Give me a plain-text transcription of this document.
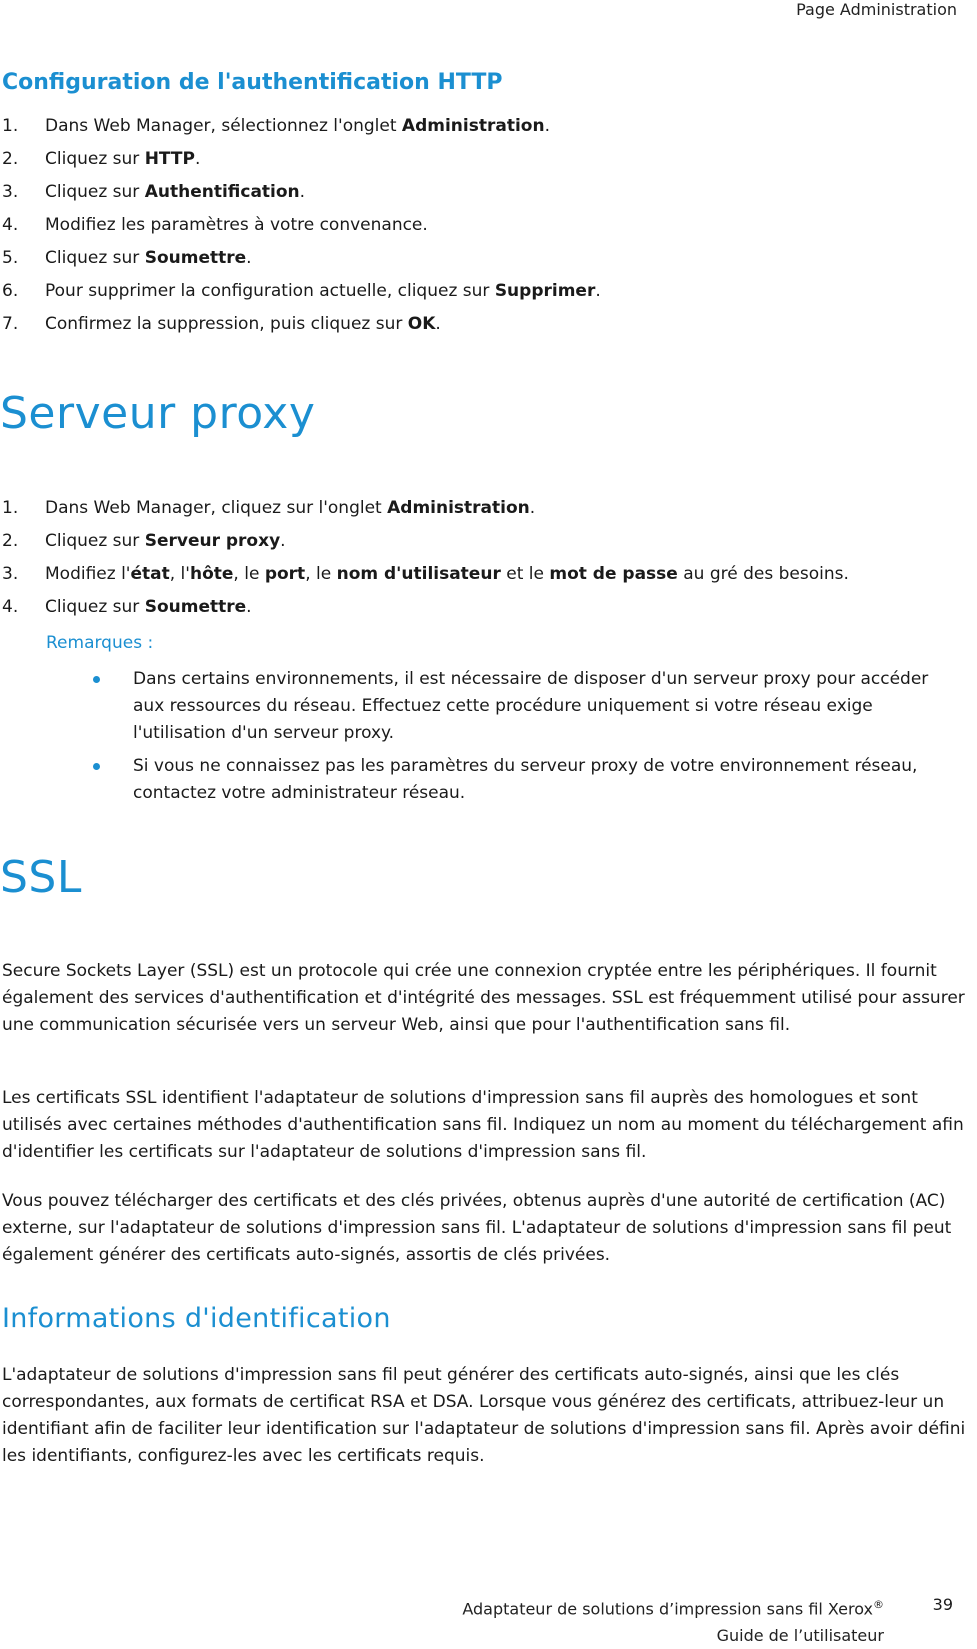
Page Administration
Configuration de l'authentification HTTP
1. Dans Web Manager, sélectionnez l'onglet Administration.
2. Cliquez sur HTTP.
3. Cliquez sur Authentification.
4. Modifiez les paramètres à votre convenance.
5. Cliquez sur Soumettre.
6. Pour supprimer la configuration actuelle, cliquez sur Supprimer.
7. Confirmez la suppression, puis cliquez sur OK.
Serveur proxy
1. Dans Web Manager, cliquez sur l'onglet Administration.
2. Cliquez sur Serveur proxy.
3. Modifiez l'état, l'hôte, le port, le nom d'utilisateur et le mot de passe au gré des besoins.
4. Cliquez sur Soumettre.
Remarques :
Dans certains environnements, il est nécessaire de disposer d'un serveur proxy pour accéder aux ressources du réseau. Effectuez cette procédure uniquement si votre réseau exige l'utilisation d'un serveur proxy.
Si vous ne connaissez pas les paramètres du serveur proxy de votre environnement réseau, contactez votre administrateur réseau.
SSL

Secure Sockets Layer (SSL) est un protocole qui crée une connexion cryptée entre les périphériques. Il fournit également des services d'authentification et d'intégrité des messages. SSL est fréquemment utilisé pour assurer une communication sécurisée vers un serveur Web, ainsi que pour l'authentification sans fil.

Les certificats SSL identifient l'adaptateur de solutions d'impression sans fil auprès des homologues et sont utilisés avec certaines méthodes d'authentification sans fil. Indiquez un nom au moment du téléchargement afin d'identifier les certificats sur l'adaptateur de solutions d'impression sans fil.

Vous pouvez télécharger des certificats et des clés privées, obtenus auprès d'une autorité de certification (AC) externe, sur l'adaptateur de solutions d'impression sans fil. L'adaptateur de solutions d'impression sans fil peut également générer des certificats auto-signés, assortis de clés privées.

Informations d'identification

L'adaptateur de solutions d'impression sans fil peut générer des certificats auto-signés, ainsi que les clés correspondantes, aux formats de certificat RSA et DSA. Lorsque vous générez des certificats, attribuez-leur un identifiant afin de faciliter leur identification sur l'adaptateur de solutions d'impression sans fil. Après avoir défini les identifiants, configurez-les avec les certificats requis.

Adaptateur de solutions d’impression sans fil Xerox®
Guide de l’utilisateur
39
